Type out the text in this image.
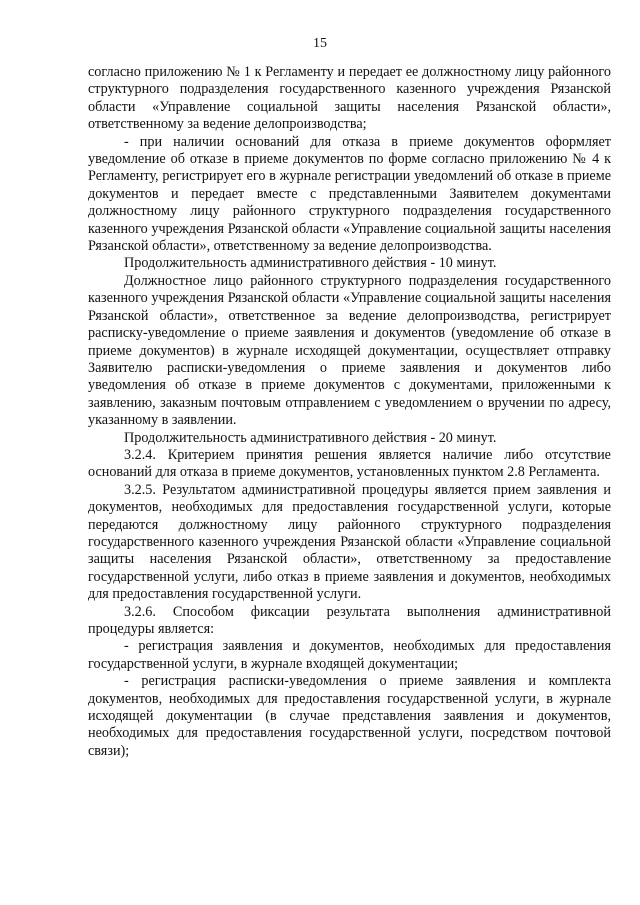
15

согласно приложению № 1 к Регламенту и передает ее должностному лицу районного структурного подразделения государственного казенного учреждения Рязанской области «Управление социальной защиты населения Рязанской области», ответственному за ведение делопроизводства;

- при наличии оснований для отказа в приеме документов оформляет уведомление об отказе в приеме документов по форме согласно приложению № 4 к Регламенту, регистрирует его в журнале регистрации уведомлений об отказе в приеме документов и передает вместе с представленными Заявителем документами должностному лицу районного структурного подразделения государственного казенного учреждения Рязанской области «Управление социальной защиты населения Рязанской области», ответственному за ведение делопроизводства.

Продолжительность административного действия - 10 минут.

Должностное лицо районного структурного подразделения государственного казенного учреждения Рязанской области «Управление социальной защиты населения Рязанской области», ответственное за ведение делопроизводства, регистрирует расписку-уведомление о приеме заявления и документов (уведомление об отказе в приеме документов) в журнале исходящей документации, осуществляет отправку Заявителю расписки-уведомления о приеме заявления и документов либо уведомления об отказе в приеме документов с документами, приложенными к заявлению, заказным почтовым отправлением с уведомлением о вручении по адресу, указанному в заявлении.

Продолжительность административного действия - 20 минут.

3.2.4. Критерием принятия решения является наличие либо отсутствие оснований для отказа в приеме документов, установленных пунктом 2.8 Регламента.

3.2.5. Результатом административной процедуры является прием заявления и документов, необходимых для предоставления государственной услуги, которые передаются должностному лицу районного структурного подразделения государственного казенного учреждения Рязанской области «Управление социальной защиты населения Рязанской области», ответственному за предоставление государственной услуги, либо отказ в приеме заявления и документов, необходимых для предоставления государственной услуги.

3.2.6. Способом фиксации результата выполнения административной процедуры является:

- регистрация заявления и документов, необходимых для предоставления государственной услуги, в журнале входящей документации;

- регистрация расписки-уведомления о приеме заявления и комплекта документов, необходимых для предоставления государственной услуги, в журнале исходящей документации (в случае представления заявления и документов, необходимых для предоставления государственной услуги, посредством почтовой связи);
